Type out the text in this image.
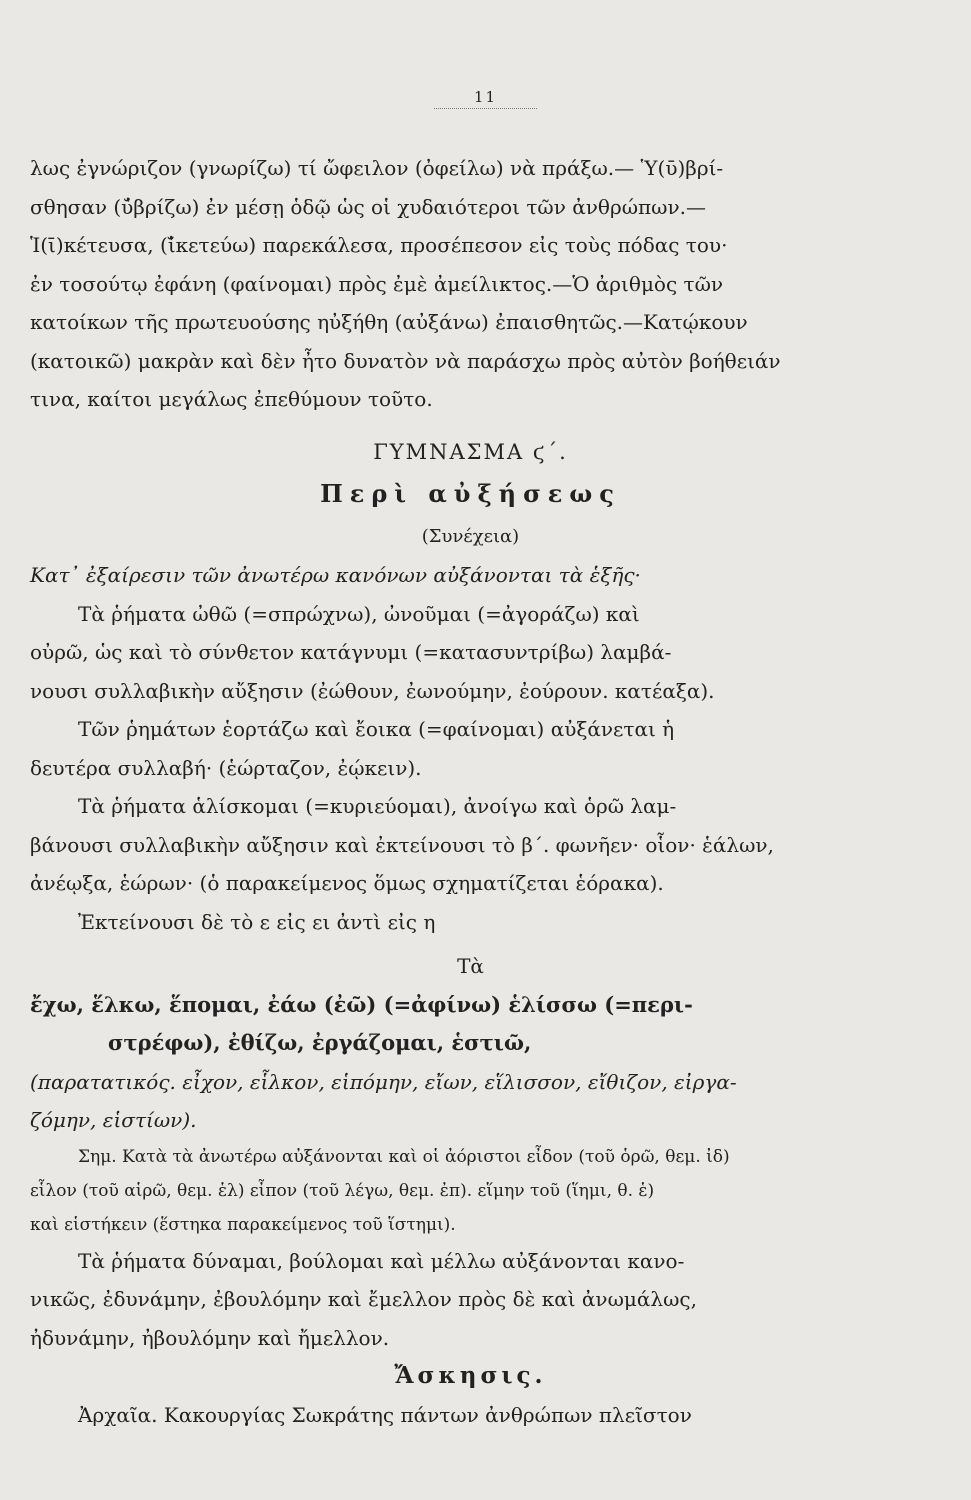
11

λως ἐγνώριζον (γνωρίζω) τί ὤφειλον (ὀφείλω) νὰ πράξω.— Ὑ(ῡ)βρί-

σθησαν (ῠ̔βρίζω) ἐν μέσῃ ὁδῷ ὡς οἱ χυδαιότεροι τῶν ἀνθρώπων.—

Ἱ(ῑ)κέτευσα, (ἱ̆κετεύω) παρεκάλεσα, προσέπεσον εἰς τοὺς πόδας του·

ἐν τοσούτῳ ἐφάνη (φαίνομαι) πρὸς ἐμὲ ἀμείλικτος.—Ὁ ἀριθμὸς τῶν

κατοίκων τῆς πρωτευούσης ηὐξήθη (αὐξάνω) ἐπαισθητῶς.—Κατῴκουν

(κατοικῶ) μακρὰν καὶ δὲν ἦτο δυνατὸν νὰ παράσχω πρὸς αὐτὸν βοήθειάν

τινα, καίτοι μεγάλως ἐπεθύμουν τοῦτο.

ΓΥΜΝΑΣΜΑ ϛ΄.

Περὶ αὐξήσεως

(Συνέχεια)

Κατ᾽ ἐξαίρεσιν τῶν ἀνωτέρω κανόνων αὐξάνονται τὰ ἑξῆς·

Τὰ ῥήματα ὠθῶ (=σπρώχνω), ὠνοῦμαι (=ἀγοράζω) καὶ

οὐρῶ, ὡς καὶ τὸ σύνθετον κατάγνυμι (=κατασυντρίβω) λαμβά-

νουσι συλλαβικὴν αὔξησιν (ἐώθουν, ἐωνούμην, ἐούρουν. κατέαξα).

Τῶν ῥημάτων ἑορτάζω καὶ ἔοικα (=φαίνομαι) αὐξάνεται ἡ

δευτέρα συλλαβή· (ἑώρταζον, ἐῴκειν).

Τὰ ῥήματα ἁλίσκομαι (=κυριεύομαι), ἀνοίγω καὶ ὁρῶ λαμ-

βάνουσι συλλαβικὴν αὔξησιν καὶ ἐκτείνουσι τὸ β΄. φωνῆεν· οἷον· ἑάλων,

ἀνέῳξα, ἑώρων· (ὁ παρακείμενος ὅμως σχηματίζεται ἑόρακα).

Ἐκτείνουσι δὲ τὸ ε εἰς ει ἀντὶ εἰς η

Τὰ

ἔχω, ἕλκω, ἕπομαι, ἐάω (ἐῶ) (=ἀφίνω) ἑλίσσω (=περι-

στρέφω), ἐθίζω, ἐργάζομαι, ἑστιῶ,

(παρατατικός. εἶχον, εἷλκον, εἱπόμην, εἴων, εἵλισσον, εἴθιζον, εἰργα-

ζόμην, εἱστίων).

Σημ. Κατὰ τὰ ἀνωτέρω αὐξάνονται καὶ οἱ ἀόριστοι εἶδον (τοῦ ὁρῶ, θεμ. ἰδ)

εἷλον (τοῦ αἱρῶ, θεμ. ἑλ) εἶπον (τοῦ λέγω, θεμ. ἐπ). εἵμην τοῦ (ἵημι, θ. ἑ)

καὶ εἱστήκειν (ἕστηκα παρακείμενος τοῦ ἵστημι).

Τὰ ῥήματα δύναμαι, βούλομαι καὶ μέλλω αὐξάνονται κανο-

νικῶς, ἐδυνάμην, ἐβουλόμην καὶ ἔμελλον πρὸς δὲ καὶ ἀνωμάλως,

ἠδυνάμην, ἠβουλόμην καὶ ἤμελλον.

Ἄσκησις.

Ἀρχαῖα. Κακουργίας Σωκράτης πάντων ἀνθρώπων πλεῖστον
